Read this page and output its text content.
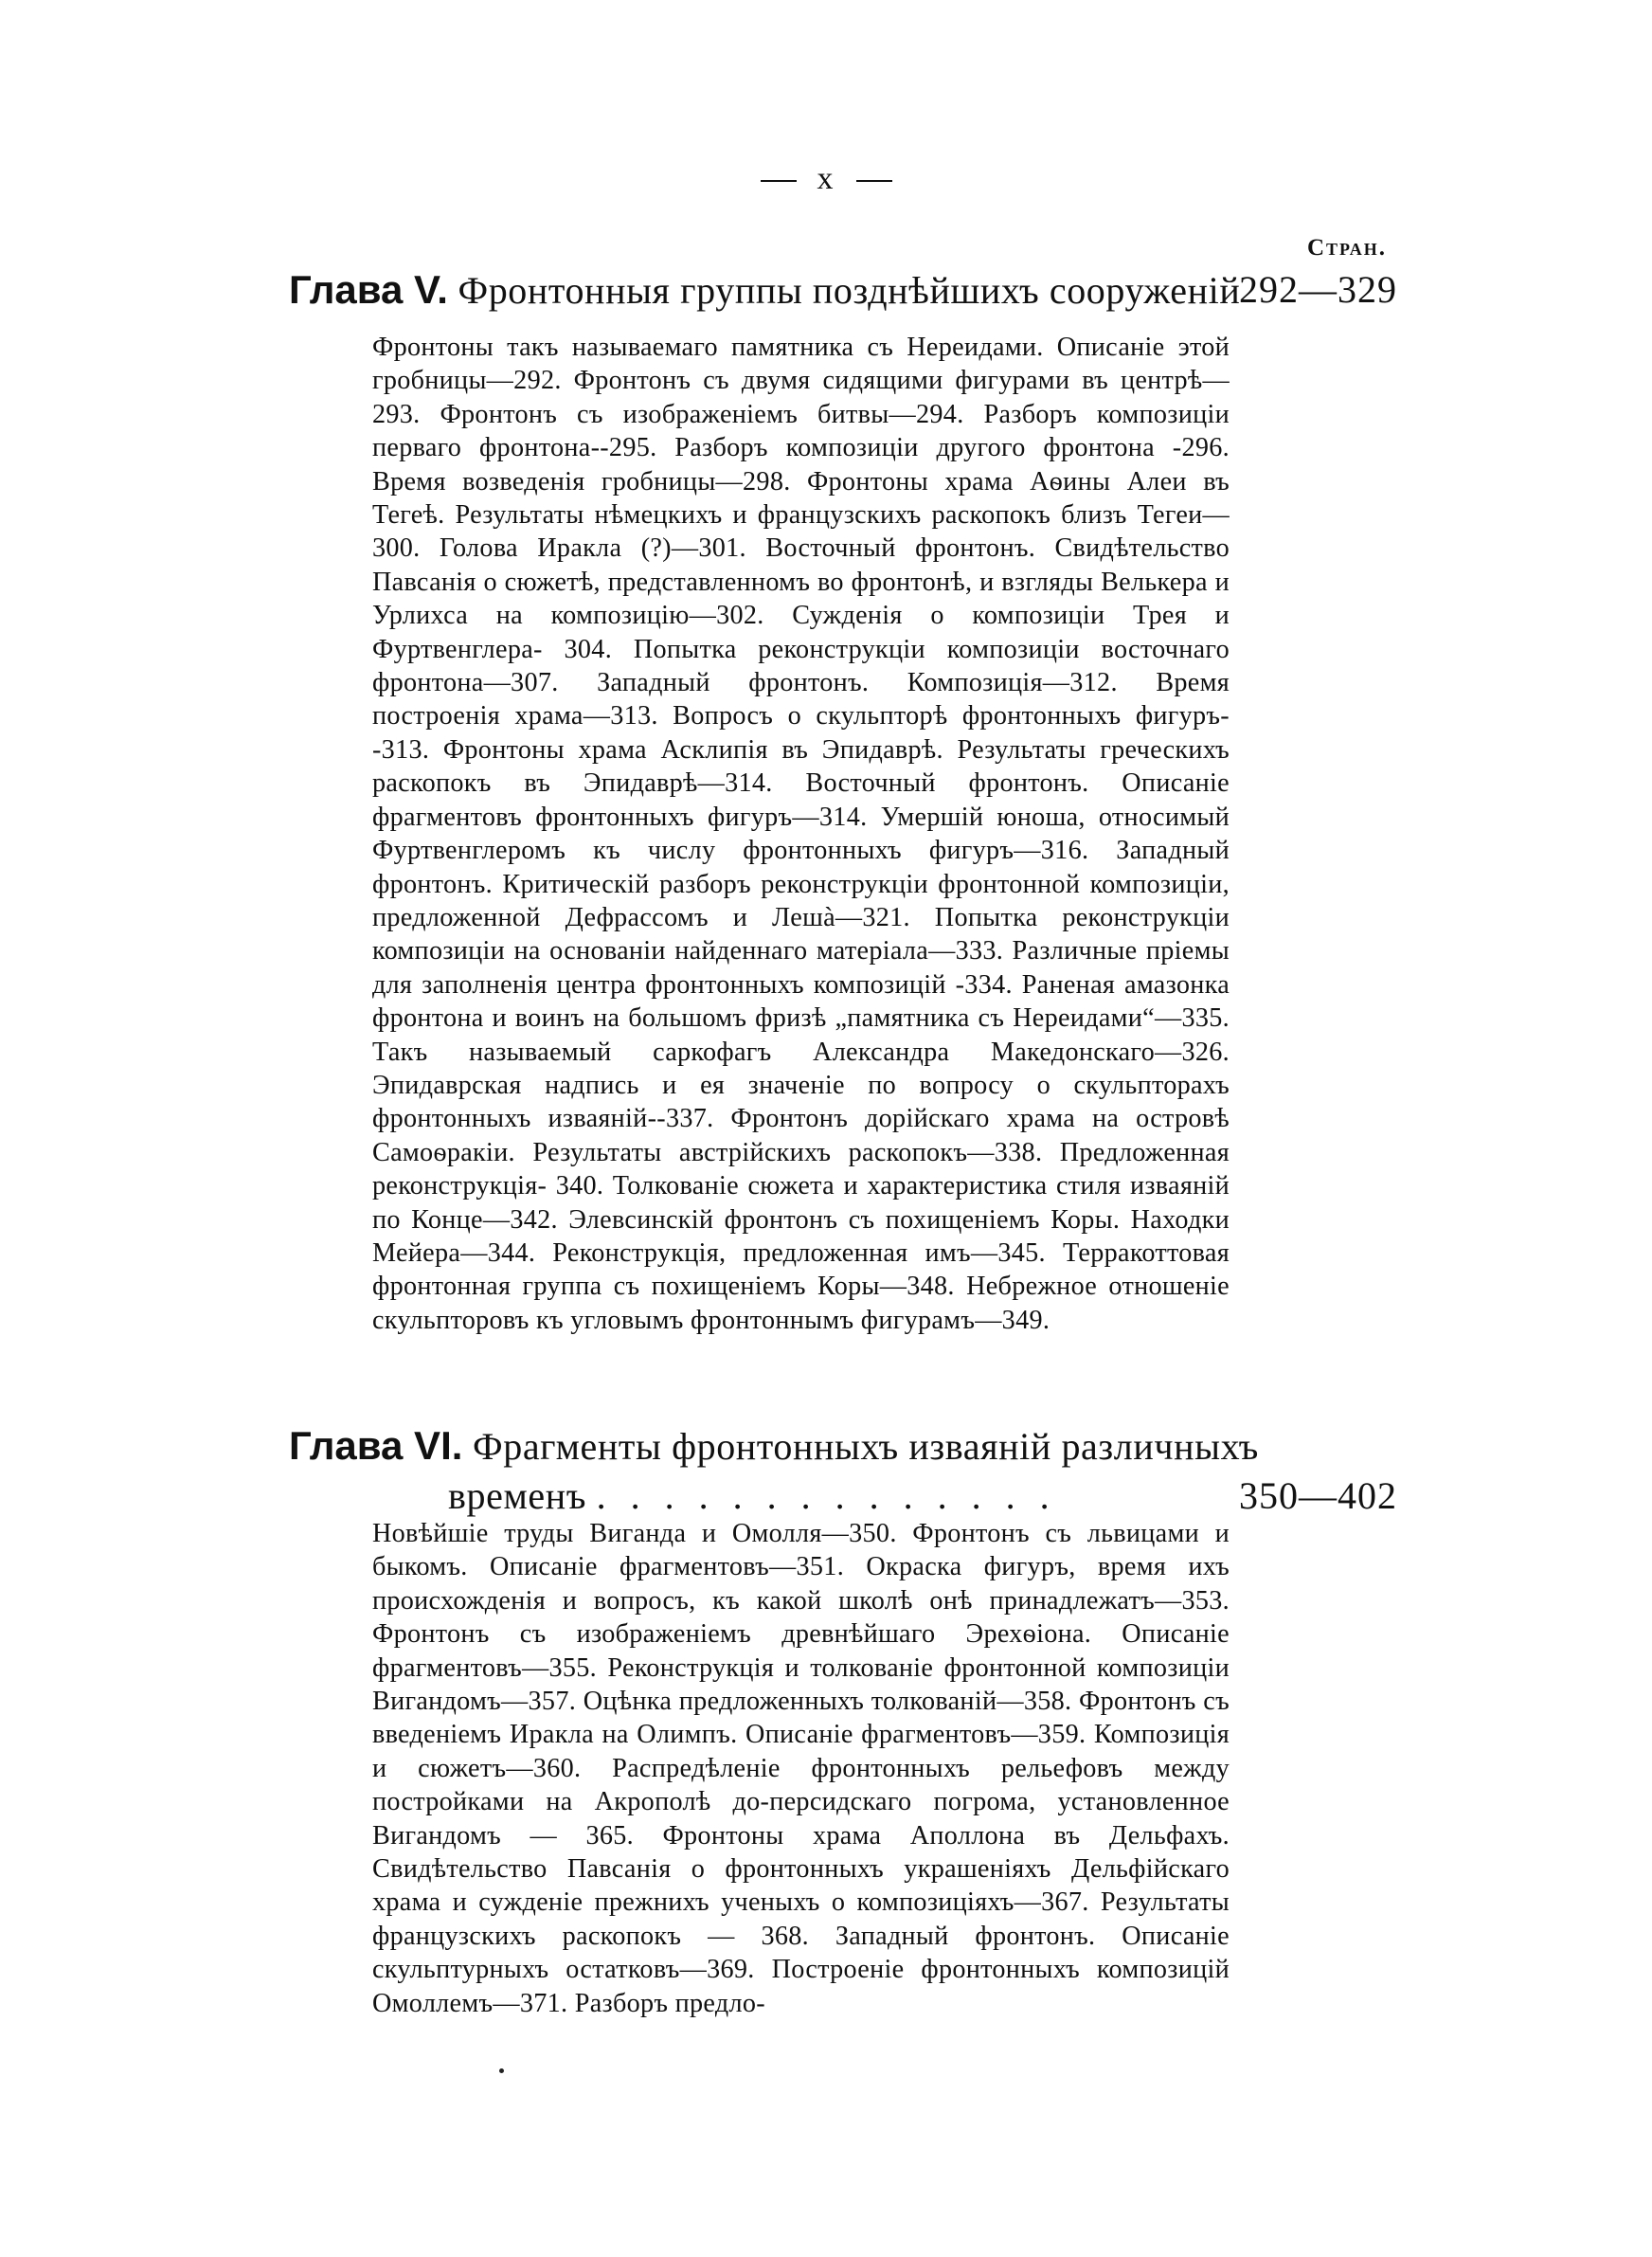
x
Стран.
Глава V. Фронтонныя группы позднѣйшихъ сооруженій
292—329

Фронтоны такъ называемаго памятника съ Нереидами. Описаніе этой гробницы—292. Фронтонъ съ двумя сидящими фигурами въ центрѣ—293. Фронтонъ съ изображеніемъ битвы—294. Разборъ композиціи перваго фронтона--295. Разборъ композиціи другого фронтона -296. Время возведенія гробницы—298. Фронтоны храма Аѳины Алеи въ Тегеѣ. Результаты нѣмецкихъ и французскихъ раскопокъ близъ Тегеи—300. Голова Иракла (?)—301. Восточный фронтонъ. Свидѣтельство Павсанія о сюжетѣ, представленномъ во фронтонѣ, и взгляды Велькера и Урлихса на композицію—302. Сужденія о композиціи Трея и Фуртвенглера- 304. Попытка реконструкціи композиціи восточнаго фронтона—307. Западный фронтонъ. Композиція—312. Время построенія храма—313. Вопросъ о скульпторѣ фронтонныхъ фигуръ--313. Фронтоны храма Асклипія въ Эпидаврѣ. Результаты греческихъ раскопокъ въ Эпидаврѣ—314. Восточный фронтонъ. Описаніе фрагментовъ фронтонныхъ фигуръ—314. Умершій юноша, относимый Фуртвенглеромъ къ числу фронтонныхъ фигуръ—316. Западный фронтонъ. Критическій разборъ реконструкціи фронтонной композиціи, предложенной Дефрассомъ и Лешà—321. Попытка реконструкціи композиціи на основаніи найденнаго матеріала—333. Различные пріемы для заполненія центра фронтонныхъ композицій -334. Раненая амазонка фронтона и воинъ на большомъ фризѣ „памятника съ Нереидами“—335. Такъ называемый саркофагъ Александра Македонскаго—326. Эпидаврская надпись и ея значеніе по вопросу о скульпторахъ фронтонныхъ изваяній--337. Фронтонъ дорійскаго храма на островѣ Самоѳракіи. Результаты австрійскихъ раскопокъ—338. Предложенная реконструкція- 340. Толкованіе сюжета и характеристика стиля изваяній по Конце—342. Элевсинскій фронтонъ съ похищеніемъ Коры. Находки Мейера—344. Реконструкція, предложенная имъ—345. Терракоттовая фронтонная группа съ похищеніемъ Коры—348. Небрежное отношеніе скульпторовъ къ угловымъ фронтоннымъ фигурамъ—349.

Глава VI. Фрагменты фронтонныхъ изваяній различныхъ
временъ . . . . . . . . . . . . . .	350—402

Новѣйшіе труды Виганда и Омолля—350. Фронтонъ съ львицами и быкомъ. Описаніе фрагментовъ—351. Окраска фигуръ, время ихъ происхожденія и вопросъ, къ какой школѣ онѣ принадлежатъ—353. Фронтонъ съ изображеніемъ древнѣйшаго Эрехѳіона. Описаніе фрагментовъ—355. Реконструкція и толкованіе фронтонной композиціи Вигандомъ—357. Оцѣнка предложенныхъ толкованій—358. Фронтонъ съ введеніемъ Иракла на Олимпъ. Описаніе фрагментовъ—359. Композиція и сюжетъ—360. Распредѣленіе фронтонныхъ рельефовъ между постройками на Акрополѣ до-персидскаго погрома, установленное Вигандомъ — 365. Фронтоны храма Аполлона въ Дельфахъ. Свидѣтельство Павсанія о фронтонныхъ украшеніяхъ Дельфійскаго храма и сужденіе прежнихъ ученыхъ о композиціяхъ—367. Результаты французскихъ раскопокъ — 368. Западный фронтонъ. Описаніе скульптурныхъ остатковъ—369. Построеніе фронтонныхъ композицій Омоллемъ—371. Разборъ предло-
